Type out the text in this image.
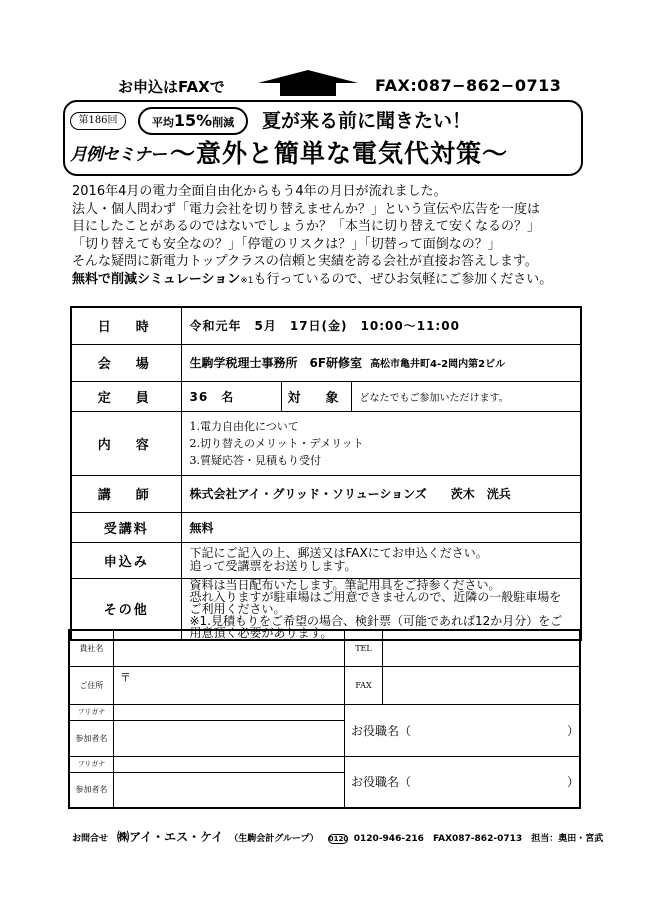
お申込はFAXで	FAX:087−862−0713
第186回	平均15%削減
月例セミナー
夏が来る前に聞きたい！
〜意外と簡単な電気代対策〜

2016年4月の電力全面自由化からもう4年の月日が流れました。

法人・個人問わず「電力会社を切り替えませんか？」という宣伝や広告を一度は

目にしたことがあるのではないでしょうか？「本当に切り替えて安くなるの？」

「切り替えても安全なの？」「停電のリスクは？」「切替って面倒なの？」

そんな疑問に新電力トップクラスの信頼と実績を誇る会社が直接お答えします。

無料で削減シミュレーション※1も行っているので、ぜひお気軽にご参加ください。

日　時	令和元年　5月　17日(金)　10:00〜11:00		
会　場	生駒学税理士事務所　6F研修室 高松市亀井町4-2岡内第2ビル		
定　員	36　名	対　象	どなたでもご参加いただけます。
内　容	1.電力自由化について
2.切り替えのメリット・デメリット
3.質疑応答・見積もり受付		

講　師	株式会社アイ・グリッド・ソリューションズ　　 茨木　洸兵		
受講料	無料		
申込み	下記にご記入の上、郵送又はFAXにてお申込ください。
追って受講票をお送りします。		

その他	資料は当日配布いたします。筆記用具をご持参ください。
恐れ入りますが駐車場はご用意できませんので、近隣の一般駐車場をご利用ください。
※1.見積もりをご希望の場合、検針票（可能であれば12か月分）をご用意頂く必要があります。		
貴社名		TEL	
ご住所	〒	FAX	
フリガナ		お役職名（　　　　　　　　　　　　　）	
参加者名			
フリガナ		お役職名（　　　　　　　　　　　　　）	
参加者名			
お問合せ ㈱アイ・エス・ケイ （生駒会計グループ） 0120 0120-946-216 FAX087-862-0713 担当：奥田・宮武
